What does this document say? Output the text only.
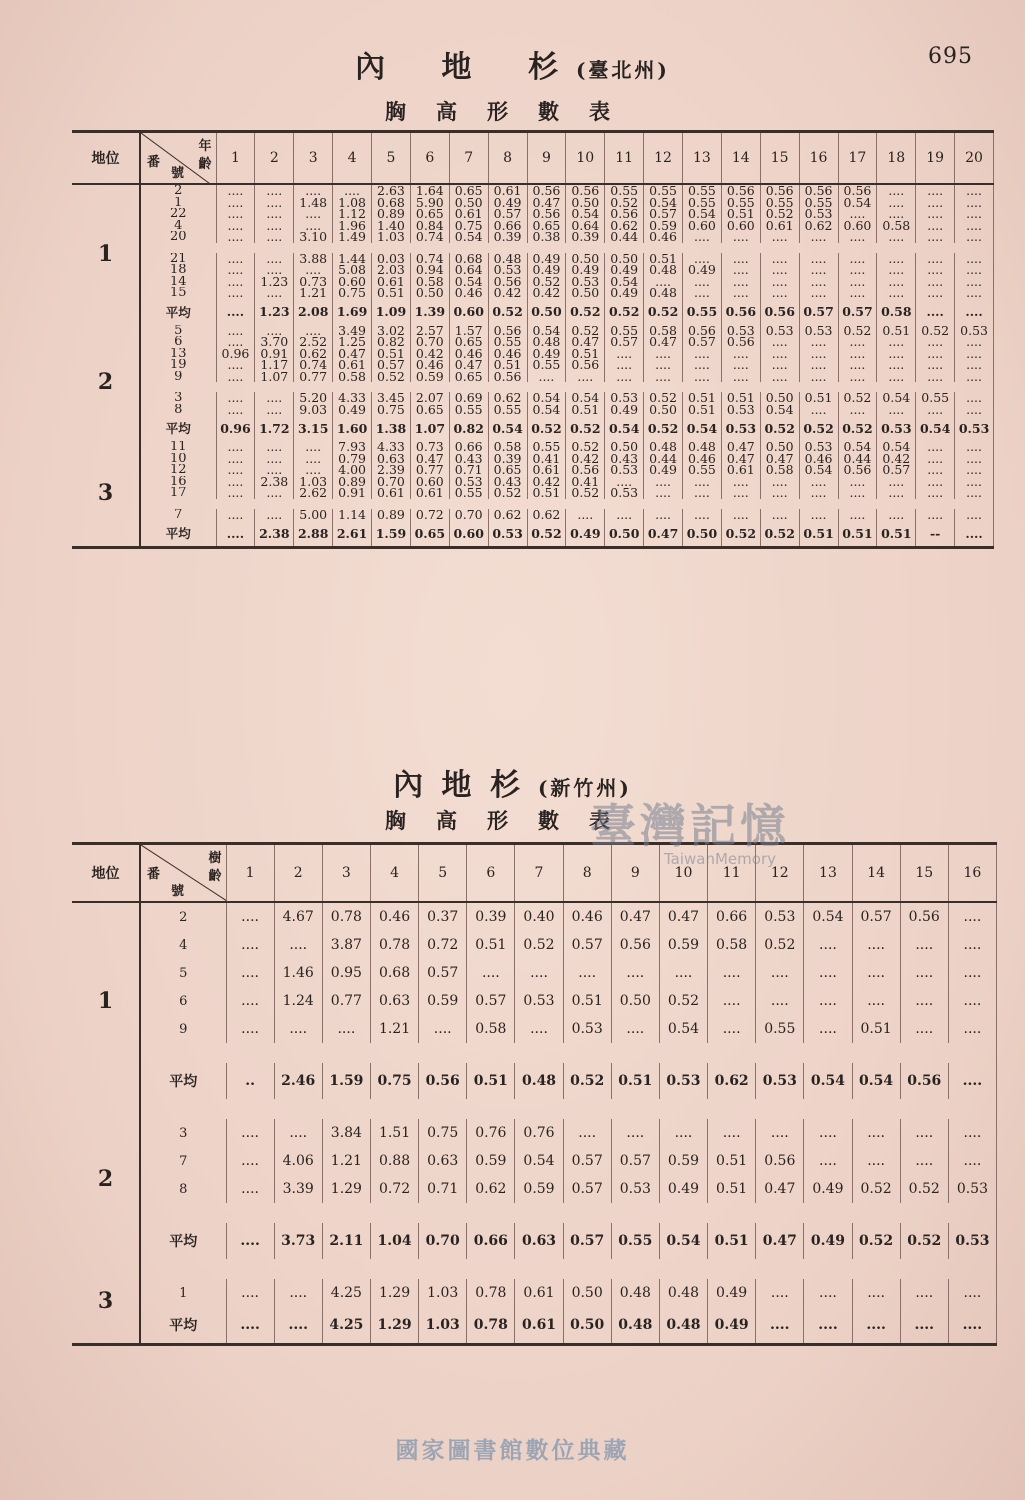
695
內 地 杉 (臺北州)
胸高形數表
地位	年
齡
番
號	1	2	3	4	5	6	7	8	9	10	11	12	13	14	15	16	17	18	19	20
1	2	....	....	....	....	2.63	1.64	0.65	0.61	0.56	0.56	0.55	0.55	0.55	0.56	0.56	0.56	0.56	....	....	....
	1	....	....	1.48	1.08	0.68	5.90	0.50	0.49	0.47	0.50	0.52	0.54	0.55	0.55	0.55	0.55	0.54	....	....	....
	22	....	....	....	1.12	0.89	0.65	0.61	0.57	0.56	0.54	0.56	0.57	0.54	0.51	0.52	0.53	....	....	....	....
	4	....	....	....	1.96	1.40	0.84	0.75	0.66	0.65	0.64	0.62	0.59	0.60	0.60	0.61	0.62	0.60	0.58	....	....
	20	....	....	3.10	1.49	1.03	0.74	0.54	0.39	0.38	0.39	0.44	0.46	....	....	....	....	....	....	....	....

	21	....	....	3.88	1.44	0.03	0.74	0.68	0.48	0.49	0.50	0.50	0.51	....	....	....	....	....	....	....	....
	18	....	....	....	5.08	2.03	0.94	0.64	0.53	0.49	0.49	0.49	0.48	0.49	....	....	....	....	....	....	....
	14	....	1.23	0.73	0.60	0.61	0.58	0.54	0.56	0.52	0.53	0.54	....	....	....	....	....	....	....	....	....
	15	....	....	1.21	0.75	0.51	0.50	0.46	0.42	0.42	0.50	0.49	0.48	....	....	....	....	....	....	....	....
	平均	....	1.23	2.08	1.69	1.09	1.39	0.60	0.52	0.50	0.52	0.52	0.52	0.55	0.56	0.56	0.57	0.57	0.58	....	....
2	5	....	....	....	3.49	3.02	2.57	1.57	0.56	0.54	0.52	0.55	0.58	0.56	0.53	0.53	0.53	0.52	0.51	0.52	0.53
	6	....	3.70	2.52	1.25	0.82	0.70	0.65	0.55	0.48	0.47	0.57	0.47	0.57	0.56	....	....	....	....	....	....
	13	0.96	0.91	0.62	0.47	0.51	0.42	0.46	0.46	0.49	0.51	....	....	....	....	....	....	....	....	....	....
	19	....	1.17	0.74	0.61	0.57	0.46	0.47	0.51	0.55	0.56	....	....	....	....	....	....	....	....	....	....
	9	....	1.07	0.77	0.58	0.52	0.59	0.65	0.56	....	....	....	....	....	....	....	....	....	....	....	....

	3	....	....	5.20	4.33	3.45	2.07	0.69	0.62	0.54	0.54	0.53	0.52	0.51	0.51	0.50	0.51	0.52	0.54	0.55	....
	8	....	....	9.03	0.49	0.75	0.65	0.55	0.55	0.54	0.51	0.49	0.50	0.51	0.53	0.54	....	....	....	....	....
	平均	0.96	1.72	3.15	1.60	1.38	1.07	0.82	0.54	0.52	0.52	0.54	0.52	0.54	0.53	0.52	0.52	0.52	0.53	0.54	0.53
3	11	....	....	....	7.93	4.33	0.73	0.66	0.58	0.55	0.52	0.50	0.48	0.48	0.47	0.50	0.53	0.54	0.54	....	....
	10	....	....	....	0.79	0.63	0.47	0.43	0.39	0.41	0.42	0.43	0.44	0.46	0.47	0.47	0.46	0.44	0.42	....	....
	12	....	....	....	4.00	2.39	0.77	0.71	0.65	0.61	0.56	0.53	0.49	0.55	0.61	0.58	0.54	0.56	0.57	....	....
	16	....	2.38	1.03	0.89	0.70	0.60	0.53	0.43	0.42	0.41	....	....	....	....	....	....	....	....	....	....
	17	....	....	2.62	0.91	0.61	0.61	0.55	0.52	0.51	0.52	0.53	....	....	....	....	....	....	....	....	....

	7	....	....	5.00	1.14	0.89	0.72	0.70	0.62	0.62	....	....	....	....	....	....	....	....	....	....	....
	平均	....	2.38	2.88	2.61	1.59	0.65	0.60	0.53	0.52	0.49	0.50	0.47	0.50	0.52	0.52	0.51	0.51	0.51	--	....
內 地 杉 (新竹州)
胸高形數表
地位	樹
齡
番
號	1	2	3	4	5	6	7	8	9	10	11	12	13	14	15	16
1	2	....	4.67	0.78	0.46	0.37	0.39	0.40	0.46	0.47	0.47	0.66	0.53	0.54	0.57	0.56	....
	4	....	....	3.87	0.78	0.72	0.51	0.52	0.57	0.56	0.59	0.58	0.52	....	....	....	....
	5	....	1.46	0.95	0.68	0.57	....	....	....	....	....	....	....	....	....	....	....
	6	....	1.24	0.77	0.63	0.59	0.57	0.53	0.51	0.50	0.52	....	....	....	....	....	....
	9	....	....	....	1.21	....	0.58	....	0.53	....	0.54	....	0.55	....	0.51	....	....

	平均	..	2.46	1.59	0.75	0.56	0.51	0.48	0.52	0.51	0.53	0.62	0.53	0.54	0.54	0.56	....
2																	
	3	....	....	3.84	1.51	0.75	0.76	0.76	....	....	....	....	....	....	....	....	....
	7	....	4.06	1.21	0.88	0.63	0.59	0.54	0.57	0.57	0.59	0.51	0.56	....	....	....	....
	8	....	3.39	1.29	0.72	0.71	0.62	0.59	0.57	0.53	0.49	0.51	0.47	0.49	0.52	0.52	0.53

	平均	....	3.73	2.11	1.04	0.70	0.66	0.63	0.57	0.55	0.54	0.51	0.47	0.49	0.52	0.52	0.53
3																	
	1	....	....	4.25	1.29	1.03	0.78	0.61	0.50	0.48	0.48	0.49	....	....	....	....	....
	平均	....	....	4.25	1.29	1.03	0.78	0.61	0.50	0.48	0.48	0.49	....	....	....	....	....
臺灣記憶
TaiwanMemory
國家圖書館數位典藏
